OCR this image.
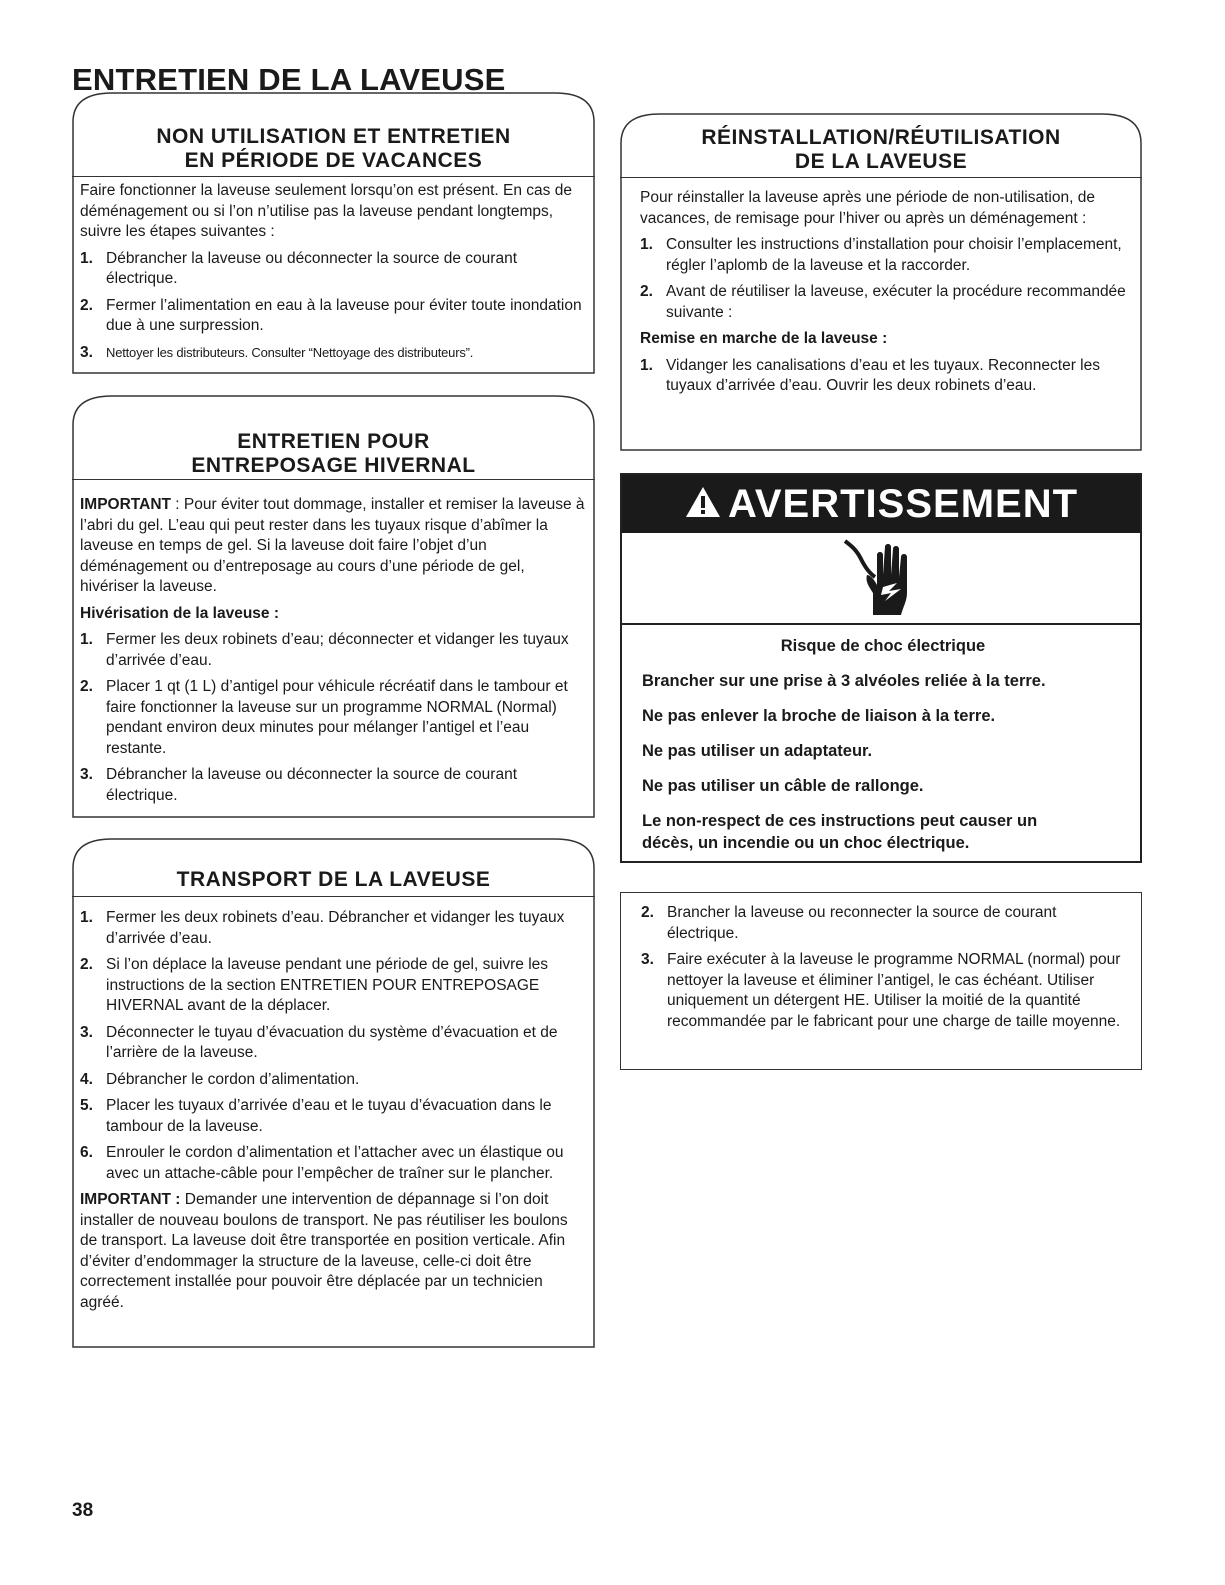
ENTRETIEN DE LA LAVEUSE
NON UTILISATION ET ENTRETIEN
EN PÉRIODE DE VACANCES

Faire fonctionner la laveuse seulement lorsqu’on est présent. En cas de déménagement ou si l’on n’utilise pas la laveuse pendant longtemps, suivre les étapes suivantes :

1. Débrancher la laveuse ou déconnecter la source de courant électrique.
2. Fermer l’alimentation en eau à la laveuse pour éviter toute inondation due à une surpression.
3. Nettoyer les distributeurs. Consulter “Nettoyage des distributeurs”.
ENTRETIEN POUR
ENTREPOSAGE HIVERNAL

IMPORTANT : Pour éviter tout dommage, installer et remiser la laveuse à l’abri du gel. L’eau qui peut rester dans les tuyaux risque d’abîmer la laveuse en temps de gel. Si la laveuse doit faire l’objet d’un déménagement ou d’entreposage au cours d’une période de gel, hivériser la laveuse.

Hivérisation de la laveuse :

1. Fermer les deux robinets d’eau; déconnecter et vidanger les tuyaux d’arrivée d’eau.
2. Placer 1 qt (1 L) d’antigel pour véhicule récréatif dans le tambour et faire fonctionner la laveuse sur un programme NORMAL (Normal) pendant environ deux minutes pour mélanger l’antigel et l’eau restante.
3. Débrancher la laveuse ou déconnecter la source de courant électrique.
TRANSPORT DE LA LAVEUSE
1. Fermer les deux robinets d’eau. Débrancher et vidanger les tuyaux d’arrivée d’eau.
2. Si l’on déplace la laveuse pendant une période de gel, suivre les instructions de la section ENTRETIEN POUR ENTREPOSAGE HIVERNAL avant de la déplacer.
3. Déconnecter le tuyau d’évacuation du système d’évacuation et de l’arrière de la laveuse.
4. Débrancher le cordon d’alimentation.
5. Placer les tuyaux d’arrivée d’eau et le tuyau d’évacuation dans le tambour de la laveuse.
6. Enrouler le cordon d’alimentation et l’attacher avec un élastique ou avec un attache-câble pour l’empêcher de traîner sur le plancher.

IMPORTANT : Demander une intervention de dépannage si l’on doit installer de nouveau boulons de transport. Ne pas réutiliser les boulons de transport. La laveuse doit être transportée en position verticale. Afin d’éviter d’endommager la structure de la laveuse, celle-ci doit être correctement installée pour pouvoir être déplacée par un technicien agréé.

RÉINSTALLATION/RÉUTILISATION
DE LA LAVEUSE

Pour réinstaller la laveuse après une période de non-utilisation, de vacances, de remisage pour l’hiver ou après un déménagement :

1. Consulter les instructions d’installation pour choisir l’emplacement, régler l’aplomb de la laveuse et la raccorder.
2. Avant de réutiliser la laveuse, exécuter la procédure recommandée suivante :

Remise en marche de la laveuse :

1. Vidanger les canalisations d’eau et les tuyaux. Reconnecter les tuyaux d’arrivée d’eau. Ouvrir les deux robinets d’eau.
AVERTISSEMENT

Risque de choc électrique

Brancher sur une prise à 3 alvéoles reliée à la terre.

Ne pas enlever la broche de liaison à la terre.

Ne pas utiliser un adaptateur.

Ne pas utiliser un câble de rallonge.

Le non-respect de ces instructions peut causer un décès, un incendie ou un choc électrique.

2. Brancher la laveuse ou reconnecter la source de courant électrique.
3. Faire exécuter à la laveuse le programme NORMAL (normal) pour nettoyer la laveuse et éliminer l’antigel, le cas échéant. Utiliser uniquement un détergent HE. Utiliser la moitié de la quantité recommandée par le fabricant pour une charge de taille moyenne.
38
